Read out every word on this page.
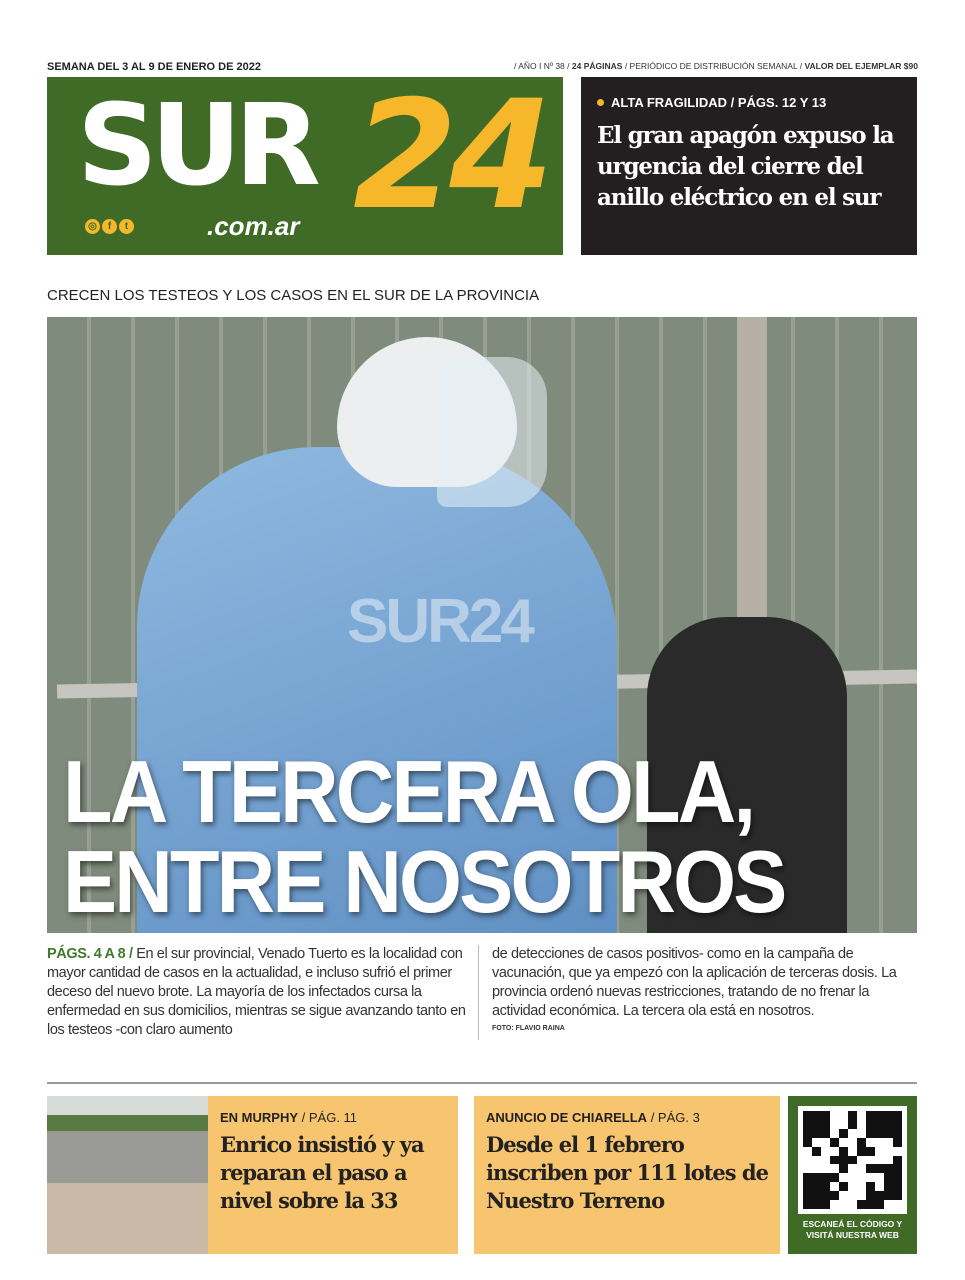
SEMANA DEL 3 AL 9 DE ENERO DE 2022	/ AÑO I Nº 38 / 24 PÁGINAS / PERIÓDICO DE DISTRIBUCIÓN SEMANAL / VALOR DEL EJEMPLAR $90
SUR 24
.com.ar
◎	f	t
ALTA FRAGILIDAD / PÁGS. 12 Y 13
El gran apagón expuso la urgencia del cierre del anillo eléctrico en el sur
CRECEN LOS TESTEOS Y LOS CASOS EN EL SUR DE LA PROVINCIA
SUR24
LA TERCERA OLA,
ENTRE NOSOTROS
PÁGS. 4 A 8 / En el sur provincial, Venado Tuerto es la localidad con mayor cantidad de casos en la actualidad, e incluso sufrió el primer deceso del nuevo brote. La mayoría de los infectados cursa la enfermedad en sus domicilios, mientras se sigue avanzando tanto en los testeos -con claro aumento
de detecciones de casos positivos- como en la campaña de vacunación, que ya empezó con la aplicación de terceras dosis. La provincia ordenó nuevas restricciones, tratando de no frenar la actividad económica. La tercera ola está en nosotros.
FOTO: FLAVIO RAINA
EN MURPHY / PÁG. 11
Enrico insistió y ya reparan el paso a nivel sobre la 33
ANUNCIO DE CHIARELLA / PÁG. 3
Desde el 1 febrero inscriben por 111 lotes de Nuestro Terreno
ESCANEÁ EL CÓDIGO Y VISITÁ NUESTRA WEB
